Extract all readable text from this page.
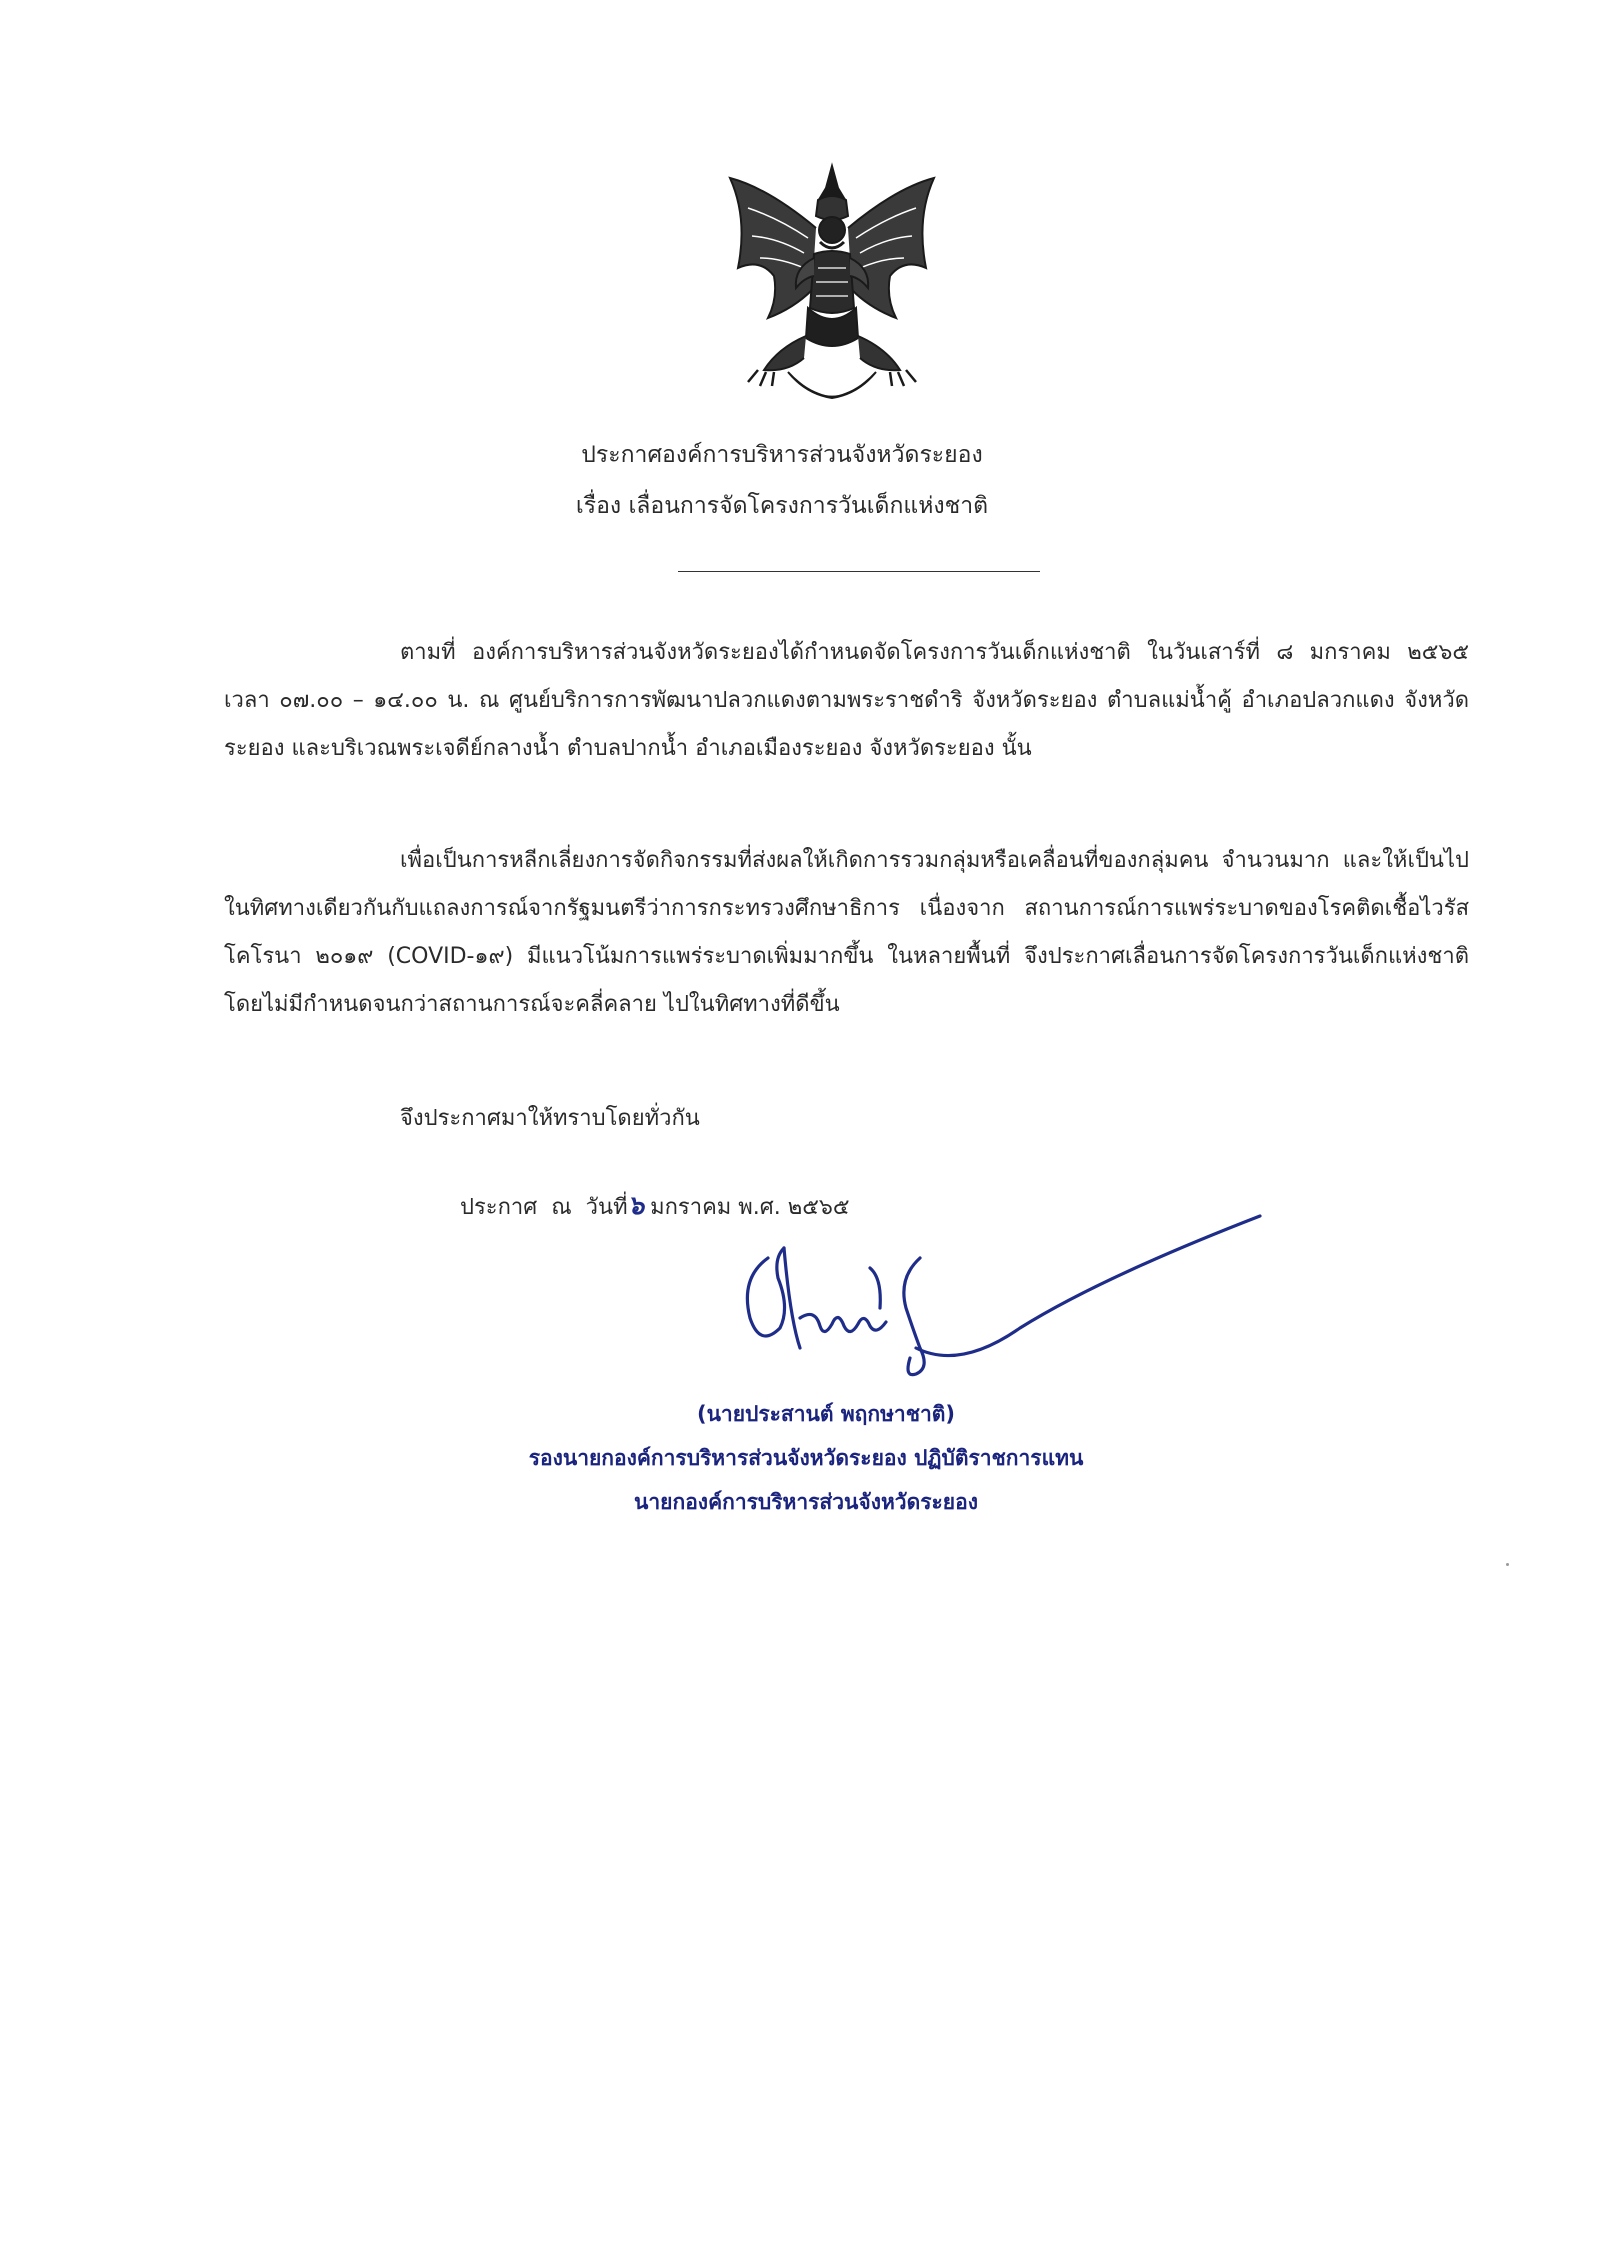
ประกาศองค์การบริหารส่วนจังหวัดระยอง
เรื่อง เลื่อนการจัดโครงการวันเด็กแห่งชาติ

ตามที่ องค์การบริหารส่วนจังหวัดระยองได้กำหนดจัดโครงการวันเด็กแห่งชาติ ในวันเสาร์ที่ ๘ มกราคม ๒๕๖๕ เวลา ๐๗.๐๐ – ๑๔.๐๐ น. ณ ศูนย์บริการการพัฒนาปลวกแดงตามพระราชดำริ จังหวัดระยอง ตำบลแม่น้ำคู้ อำเภอปลวกแดง จังหวัดระยอง และบริเวณพระเจดีย์กลางน้ำ ตำบลปากน้ำ อำเภอเมืองระยอง จังหวัดระยอง นั้น

เพื่อเป็นการหลีกเลี่ยงการจัดกิจกรรมที่ส่งผลให้เกิดการรวมกลุ่มหรือเคลื่อนที่ของกลุ่มคน จำนวนมาก และให้เป็นไปในทิศทางเดียวกันกับแถลงการณ์จากรัฐมนตรีว่าการกระทรวงศึกษาธิการ เนื่องจาก สถานการณ์การแพร่ระบาดของโรคติดเชื้อไวรัสโคโรนา ๒๐๑๙ (COVID-๑๙) มีแนวโน้มการแพร่ระบาดเพิ่มมากขึ้น ในหลายพื้นที่ จึงประกาศเลื่อนการจัดโครงการวันเด็กแห่งชาติ โดยไม่มีกำหนดจนกว่าสถานการณ์จะคลี่คลาย ไปในทิศทางที่ดีขึ้น

จึงประกาศมาให้ทราบโดยทั่วกัน
ประกาศ ณ วันที่๖ มกราคม พ.ศ. ๒๕๖๕
(นายประสานต์ พฤกษาชาติ)
รองนายกองค์การบริหารส่วนจังหวัดระยอง ปฏิบัติราชการแทน
นายกองค์การบริหารส่วนจังหวัดระยอง
